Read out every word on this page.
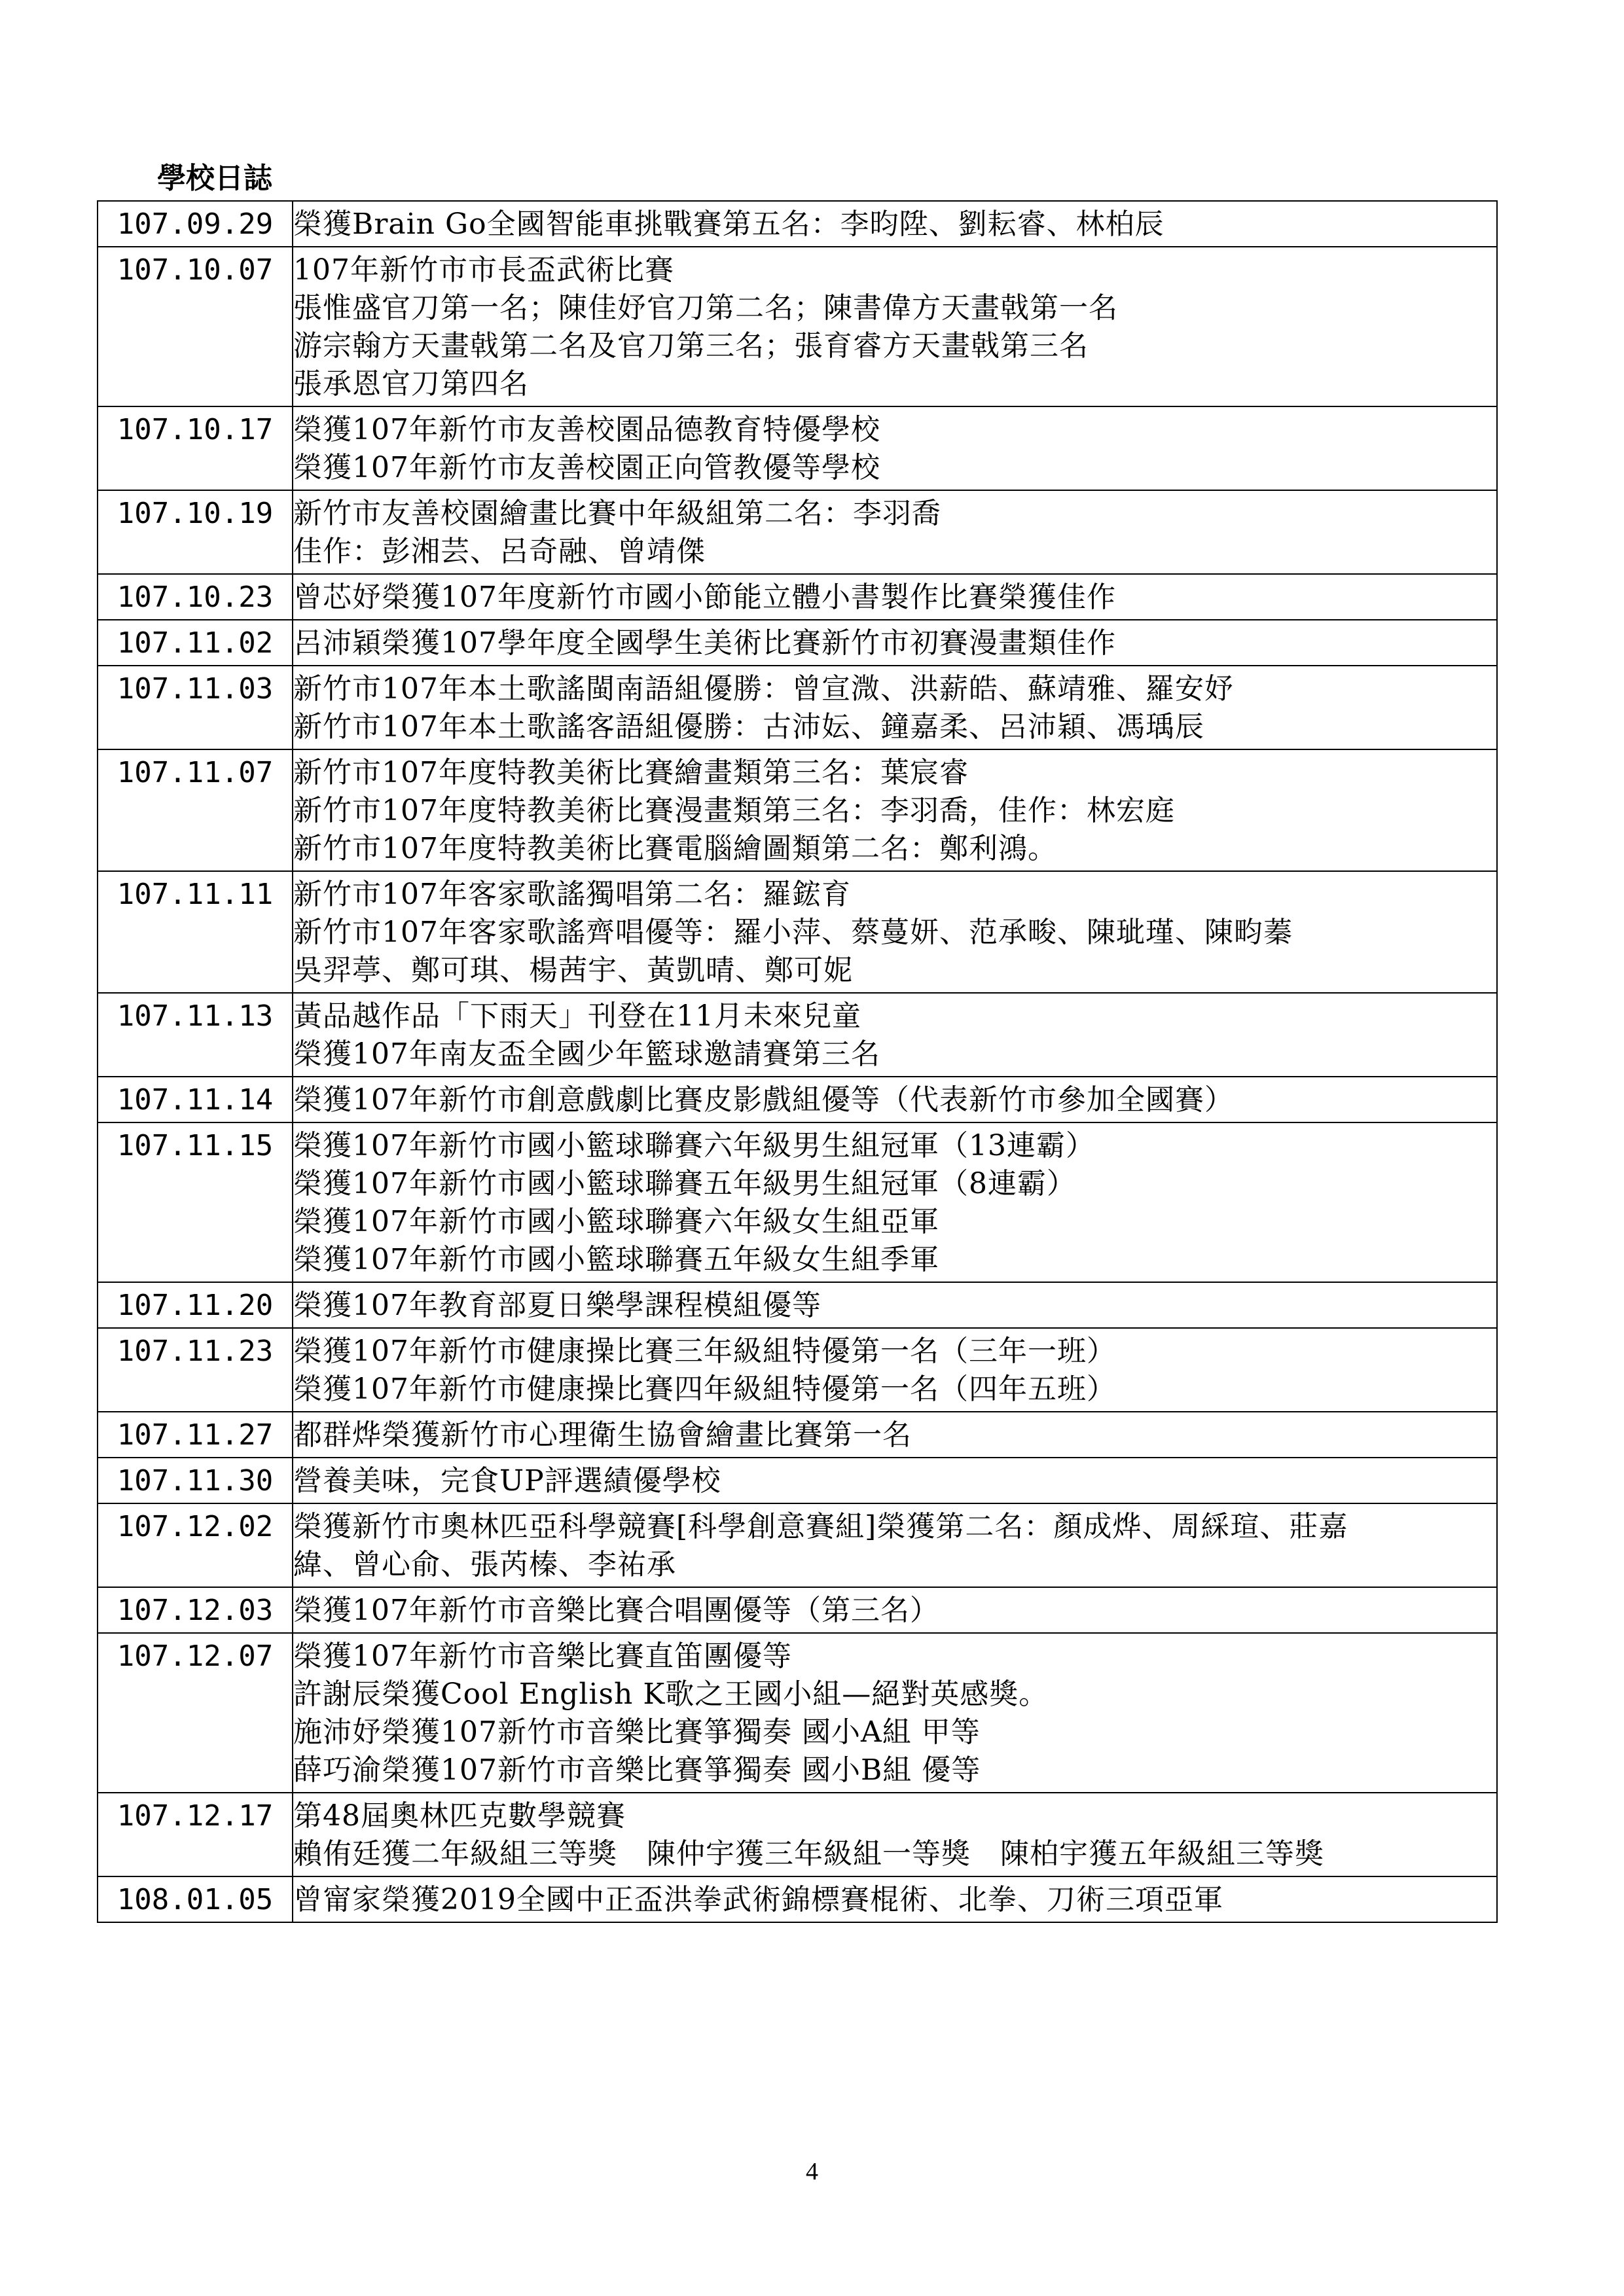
學校日誌
107.09.29	榮獲Brain Go全國智能車挑戰賽第五名：李昀陞、劉耘睿、林柏辰

107.10.07	107年新竹市市長盃武術比賽
張惟盛官刀第一名；陳佳妤官刀第二名；陳書偉方天畫戟第一名
游宗翰方天畫戟第二名及官刀第三名；張育睿方天畫戟第三名
張承恩官刀第四名

107.10.17	榮獲107年新竹市友善校園品德教育特優學校
榮獲107年新竹市友善校園正向管教優等學校

107.10.19	新竹市友善校園繪畫比賽中年級組第二名：李羽喬
佳作：彭湘芸、呂奇融、曾靖傑

107.10.23	曾芯妤榮獲107年度新竹市國小節能立體小書製作比賽榮獲佳作

107.11.02	呂沛穎榮獲107學年度全國學生美術比賽新竹市初賽漫畫類佳作

107.11.03	新竹市107年本土歌謠閩南語組優勝：曾宣溦、洪薪皓、蘇靖雅、羅安妤
新竹市107年本土歌謠客語組優勝：古沛妘、鐘嘉柔、呂沛穎、馮瑀辰

107.11.07	新竹市107年度特教美術比賽繪畫類第三名：葉宸睿
新竹市107年度特教美術比賽漫畫類第三名：李羽喬，佳作：林宏庭
新竹市107年度特教美術比賽電腦繪圖類第二名：鄭利鴻。

107.11.11	新竹市107年客家歌謠獨唱第二名：羅鋐育
新竹市107年客家歌謠齊唱優等：羅小萍、蔡蔓妍、范承畯、陳玼瑾、陳畇蓁
吳羿葶、鄭可琪、楊茜宇、黃凱晴、鄭可妮

107.11.13	黃品越作品「下雨天」刊登在11月未來兒童
榮獲107年南友盃全國少年籃球邀請賽第三名

107.11.14	榮獲107年新竹市創意戲劇比賽皮影戲組優等（代表新竹市參加全國賽）

107.11.15	榮獲107年新竹市國小籃球聯賽六年級男生組冠軍（13連霸）
榮獲107年新竹市國小籃球聯賽五年級男生組冠軍（8連霸）
榮獲107年新竹市國小籃球聯賽六年級女生組亞軍
榮獲107年新竹市國小籃球聯賽五年級女生組季軍

107.11.20	榮獲107年教育部夏日樂學課程模組優等

107.11.23	榮獲107年新竹市健康操比賽三年級組特優第一名（三年一班）
榮獲107年新竹市健康操比賽四年級組特優第一名（四年五班）

107.11.27	都群烨榮獲新竹市心理衛生協會繪畫比賽第一名

107.11.30	營養美味，完食UP評選績優學校

107.12.02	榮獲新竹市奧林匹亞科學競賽[科學創意賽組]榮獲第二名：顏成烨、周綵瑄、莊嘉
緯、曾心俞、張芮榛、李祐承

107.12.03	榮獲107年新竹市音樂比賽合唱團優等（第三名）

107.12.07	榮獲107年新竹市音樂比賽直笛團優等
許謝辰榮獲Cool English K歌之王國小組—絕對英感獎。
施沛妤榮獲107新竹市音樂比賽箏獨奏 國小A組 甲等
薛巧渝榮獲107新竹市音樂比賽箏獨奏 國小B組 優等

107.12.17	第48屆奧林匹克數學競賽
賴侑廷獲二年級組三等獎　陳仲宇獲三年級組一等獎　陳柏宇獲五年級組三等獎

108.01.05	曾甯家榮獲2019全國中正盃洪拳武術錦標賽棍術、北拳、刀術三項亞軍
4
